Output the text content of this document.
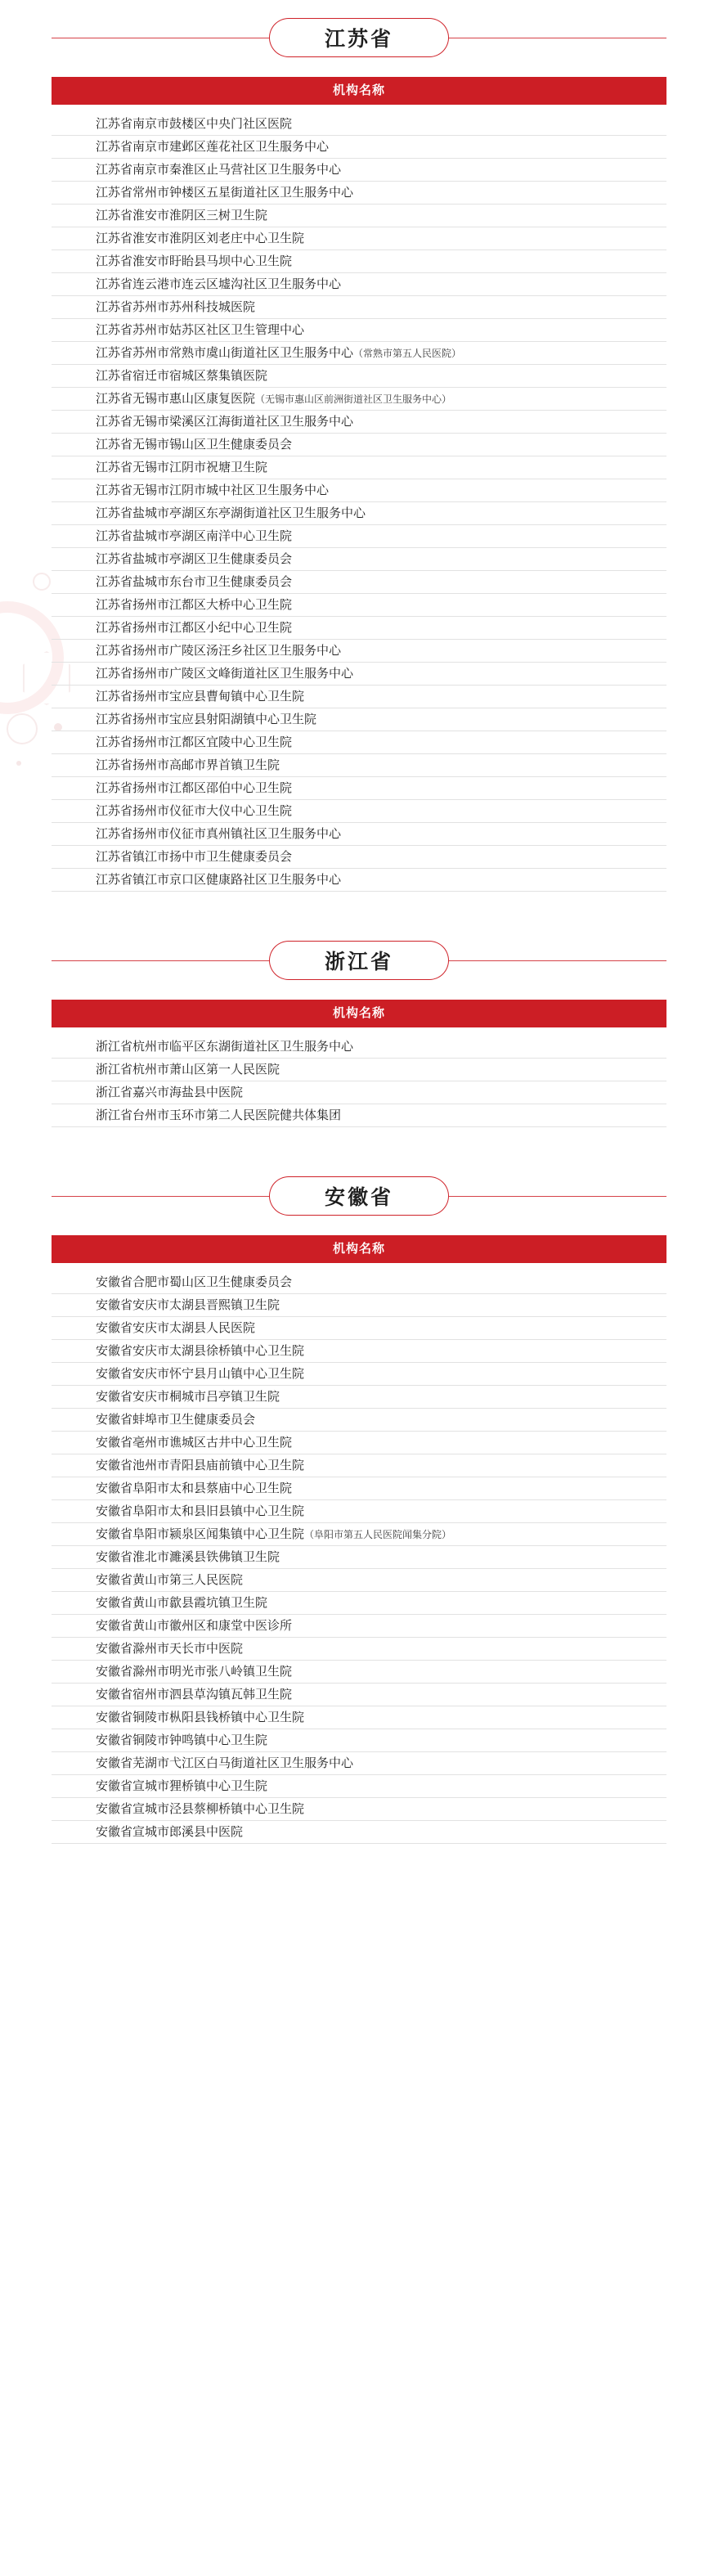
江苏省
机构名称
江苏省南京市鼓楼区中央门社区医院
江苏省南京市建邺区莲花社区卫生服务中心
江苏省南京市秦淮区止马营社区卫生服务中心
江苏省常州市钟楼区五星街道社区卫生服务中心
江苏省淮安市淮阴区三树卫生院
江苏省淮安市淮阴区刘老庄中心卫生院
江苏省淮安市盱眙县马坝中心卫生院
江苏省连云港市连云区墟沟社区卫生服务中心
江苏省苏州市苏州科技城医院
江苏省苏州市姑苏区社区卫生管理中心
江苏省苏州市常熟市虞山街道社区卫生服务中心（常熟市第五人民医院）
江苏省宿迁市宿城区蔡集镇医院
江苏省无锡市惠山区康复医院（无锡市惠山区前洲街道社区卫生服务中心）
江苏省无锡市梁溪区江海街道社区卫生服务中心
江苏省无锡市锡山区卫生健康委员会
江苏省无锡市江阴市祝塘卫生院
江苏省无锡市江阴市城中社区卫生服务中心
江苏省盐城市亭湖区东亭湖街道社区卫生服务中心
江苏省盐城市亭湖区南洋中心卫生院
江苏省盐城市亭湖区卫生健康委员会
江苏省盐城市东台市卫生健康委员会
江苏省扬州市江都区大桥中心卫生院
江苏省扬州市江都区小纪中心卫生院
江苏省扬州市广陵区汤汪乡社区卫生服务中心
江苏省扬州市广陵区文峰街道社区卫生服务中心
江苏省扬州市宝应县曹甸镇中心卫生院
江苏省扬州市宝应县射阳湖镇中心卫生院
江苏省扬州市江都区宜陵中心卫生院
江苏省扬州市高邮市界首镇卫生院
江苏省扬州市江都区邵伯中心卫生院
江苏省扬州市仪征市大仪中心卫生院
江苏省扬州市仪征市真州镇社区卫生服务中心
江苏省镇江市扬中市卫生健康委员会
江苏省镇江市京口区健康路社区卫生服务中心
浙江省
机构名称
浙江省杭州市临平区东湖街道社区卫生服务中心
浙江省杭州市萧山区第一人民医院
浙江省嘉兴市海盐县中医院
浙江省台州市玉环市第二人民医院健共体集团
安徽省
机构名称
安徽省合肥市蜀山区卫生健康委员会
安徽省安庆市太湖县晋熙镇卫生院
安徽省安庆市太湖县人民医院
安徽省安庆市太湖县徐桥镇中心卫生院
安徽省安庆市怀宁县月山镇中心卫生院
安徽省安庆市桐城市吕亭镇卫生院
安徽省蚌埠市卫生健康委员会
安徽省亳州市谯城区古井中心卫生院
安徽省池州市青阳县庙前镇中心卫生院
安徽省阜阳市太和县蔡庙中心卫生院
安徽省阜阳市太和县旧县镇中心卫生院
安徽省阜阳市颍泉区闻集镇中心卫生院（阜阳市第五人民医院闻集分院）
安徽省淮北市濉溪县铁佛镇卫生院
安徽省黄山市第三人民医院
安徽省黄山市歙县霞坑镇卫生院
安徽省黄山市徽州区和康堂中医诊所
安徽省滁州市天长市中医院
安徽省滁州市明光市张八岭镇卫生院
安徽省宿州市泗县草沟镇瓦韩卫生院
安徽省铜陵市枞阳县钱桥镇中心卫生院
安徽省铜陵市钟鸣镇中心卫生院
安徽省芜湖市弋江区白马街道社区卫生服务中心
安徽省宣城市狸桥镇中心卫生院
安徽省宣城市泾县蔡柳桥镇中心卫生院
安徽省宣城市郎溪县中医院
